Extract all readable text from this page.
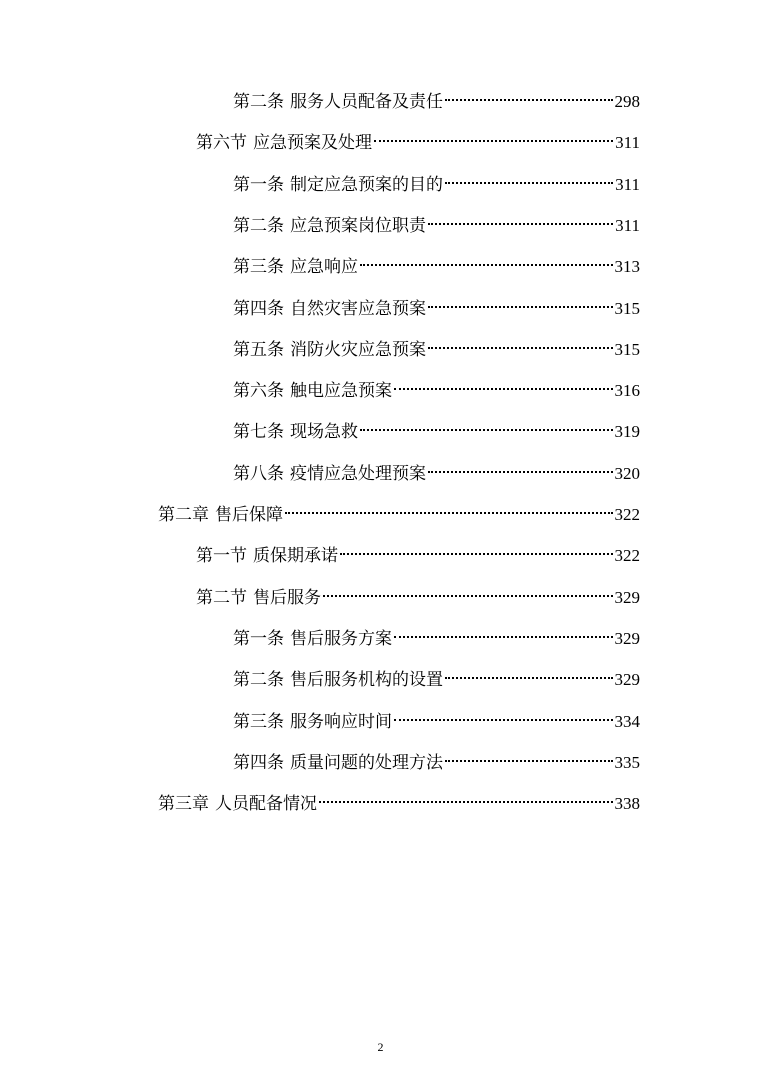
第二条 服务人员配备及责任	298
第六节 应急预案及处理	311
第一条 制定应急预案的目的	311
第二条 应急预案岗位职责	311
第三条 应急响应	313
第四条 自然灾害应急预案	315
第五条 消防火灾应急预案	315
第六条 触电应急预案	316
第七条 现场急救	319
第八条 疫情应急处理预案	320
第二章 售后保障	322
第一节 质保期承诺	322
第二节 售后服务	329
第一条 售后服务方案	329
第二条 售后服务机构的设置	329
第三条 服务响应时间	334
第四条 质量问题的处理方法	335
第三章 人员配备情况	338
2
